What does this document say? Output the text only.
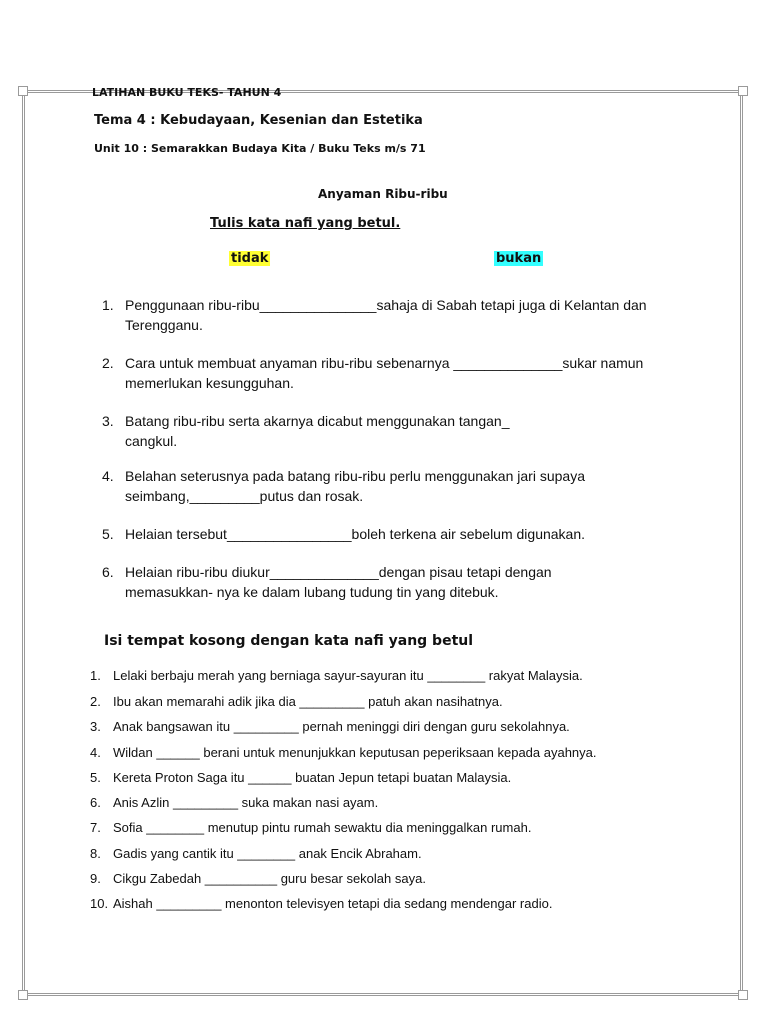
LATIHAN BUKU TEKS- TAHUN 4
Tema 4 : Kebudayaan, Kesenian dan Estetika
Unit 10 : Semarakkan Budaya Kita / Buku Teks m/s 71
Anyaman Ribu-ribu
Tulis kata nafi yang betul.
tidak	bukan
1. Penggunaan ribu-ribu_______________sahaja di Sabah tetapi juga di Kelantan dan Terengganu.
2. Cara untuk membuat anyaman ribu-ribu sebenarnya ______________sukar namun memerlukan kesungguhan.
3. Batang ribu-ribu serta akarnya dicabut menggunakan tangan_ cangkul.
4. Belahan seterusnya pada batang ribu-ribu perlu menggunakan jari supaya seimbang,_________putus dan rosak.
5. Helaian tersebut________________boleh terkena air sebelum digunakan.
6. Helaian ribu-ribu diukur______________dengan pisau tetapi dengan memasukkan- nya ke dalam lubang tudung tin yang ditebuk.
Isi tempat kosong dengan kata nafi yang betul
1. Lelaki berbaju merah yang berniaga sayur-sayuran itu ________ rakyat Malaysia.
2. Ibu akan memarahi adik jika dia _________ patuh akan nasihatnya.
3. Anak bangsawan itu _________ pernah meninggi diri dengan guru sekolahnya.
4. Wildan ______ berani untuk menunjukkan keputusan peperiksaan kepada ayahnya.
5. Kereta Proton Saga itu ______ buatan Jepun tetapi buatan Malaysia.
6. Anis Azlin _________ suka makan nasi ayam.
7. Sofia ________ menutup pintu rumah sewaktu dia meninggalkan rumah.
8. Gadis yang cantik itu ________ anak Encik Abraham.
9. Cikgu Zabedah __________ guru besar sekolah saya.
10. Aishah _________ menonton televisyen tetapi dia sedang mendengar radio.
